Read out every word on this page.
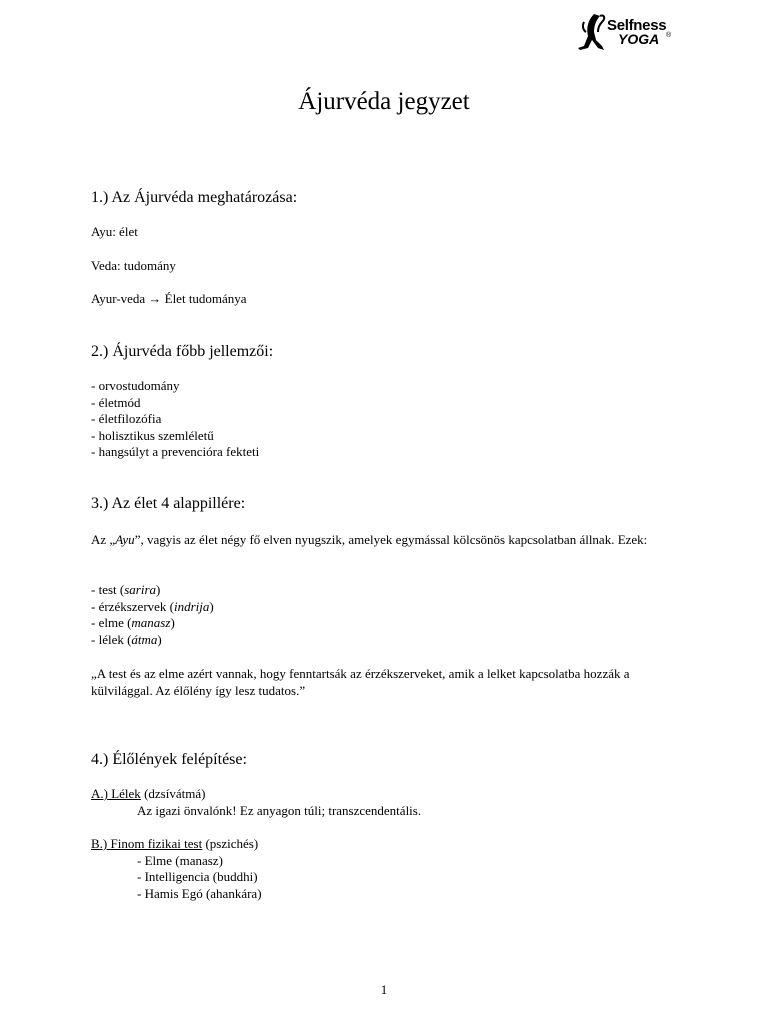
Selfness
YOGA ®
Ájurvéda jegyzet
1.) Az Ájurvéda meghatározása:
Ayu: élet
Veda: tudomány
Ayur-veda → Élet tudománya
2.) Ájurvéda főbb jellemzői:
- orvostudomány
- életmód
- életfilozófia
- holisztikus szemléletű
- hangsúlyt a prevencióra fekteti
3.) Az élet 4 alappillére:
Az „Ayu”, vagyis az élet négy fő elven nyugszik, amelyek egymással kölcsönös kapcsolatban állnak. Ezek:
- test (sarira)
- érzékszervek (indrija)
- elme (manasz)
- lélek (átma)
„A test és az elme azért vannak, hogy fenntartsák az érzékszerveket, amik a lelket kapcsolatba hozzák a külvilággal. Az élőlény így lesz tudatos.”
4.) Élőlények felépítése:
A.) Lélek (dzsívátmá)
Az igazi önvalónk! Ez anyagon túli; transzcendentális.
B.) Finom fizikai test (pszichés)
- Elme (manasz)
- Intelligencia (buddhi)
- Hamis Egó (ahankára)
1
